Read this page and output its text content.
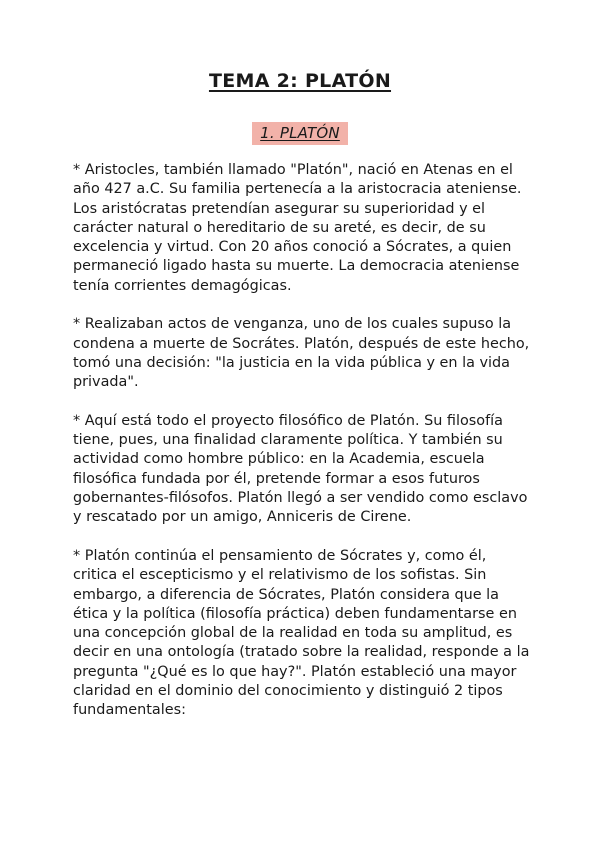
TEMA 2: PLATÓN
1. PLATÓN

* Aristocles, también llamado "Platón", nació en Atenas en el año 427 a.C. Su familia pertenecía a la aristocracia ateniense. Los aristócratas pretendían asegurar su superioridad y el carácter natural o hereditario de su areté, es decir, de su excelencia y virtud. Con 20 años conoció a Sócrates, a quien permaneció ligado hasta su muerte. La democracia ateniense tenía corrientes demagógicas.

* Realizaban actos de venganza, uno de los cuales supuso la condena a muerte de Socrátes. Platón, después de este hecho, tomó una decisión: "la justicia en la vida pública y en la vida privada".

* Aquí está todo el proyecto filosófico de Platón. Su filosofía tiene, pues, una finalidad claramente política. Y también su actividad como hombre público: en la Academia, escuela filosófica fundada por él, pretende formar a esos futuros gobernantes-filósofos. Platón llegó a ser vendido como esclavo y rescatado por un amigo, Anniceris de Cirene.

* Platón continúa el pensamiento de Sócrates y, como él, critica el escepticismo y el relativismo de los sofistas. Sin embargo, a diferencia de Sócrates, Platón considera que la ética y la política (filosofía práctica) deben fundamentarse en una concepción global de la realidad en toda su amplitud, es decir en una ontología (tratado sobre la realidad, responde a la pregunta "¿Qué es lo que hay?". Platón estableció una mayor claridad en el dominio del conocimiento y distinguió 2 tipos fundamentales:
